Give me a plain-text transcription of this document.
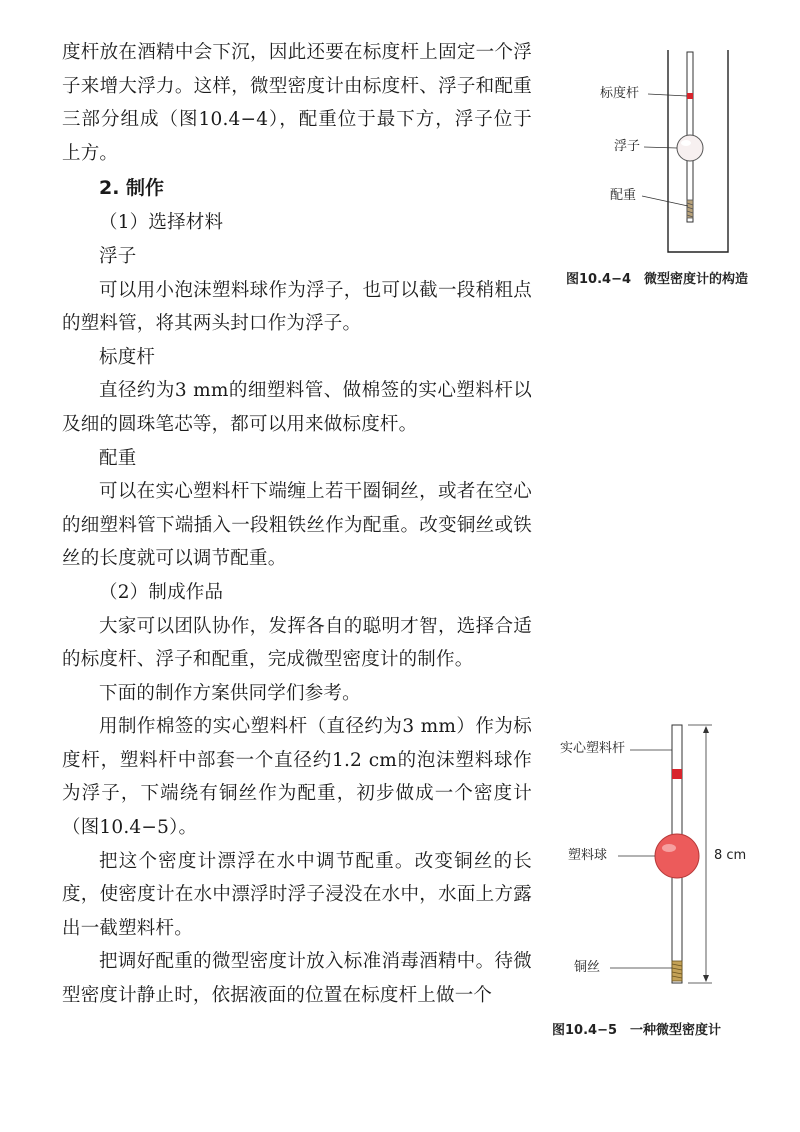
度杆放在酒精中会下沉，因此还要在标度杆上固定一个浮子来增大浮力。这样，微型密度计由标度杆、浮子和配重三部分组成（图10.4−4），配重位于最下方，浮子位于上方。

2. 制作

（1）选择材料

浮子

可以用小泡沫塑料球作为浮子，也可以截一段稍粗点的塑料管，将其两头封口作为浮子。

标度杆

直径约为3 mm的细塑料管、做棉签的实心塑料杆以及细的圆珠笔芯等，都可以用来做标度杆。

配重

可以在实心塑料杆下端缠上若干圈铜丝，或者在空心的细塑料管下端插入一段粗铁丝作为配重。改变铜丝或铁丝的长度就可以调节配重。

（2）制成作品

大家可以团队协作，发挥各自的聪明才智，选择合适的标度杆、浮子和配重，完成微型密度计的制作。

下面的制作方案供同学们参考。

用制作棉签的实心塑料杆（直径约为3 mm）作为标度杆，塑料杆中部套一个直径约1.2 cm的泡沫塑料球作为浮子，下端绕有铜丝作为配重，初步做成一个密度计（图10.4−5）。

把这个密度计漂浮在水中调节配重。改变铜丝的长度，使密度计在水中漂浮时浮子浸没在水中，水面上方露出一截塑料杆。

把调好配重的微型密度计放入标准消毒酒精中。待微型密度计静止时，依据液面的位置在标度杆上做一个

标度杆
浮子
配重
图10.4−4　微型密度计的构造
实心塑料杆
塑料球	8 cm
铜丝
图10.4−5　一种微型密度计
